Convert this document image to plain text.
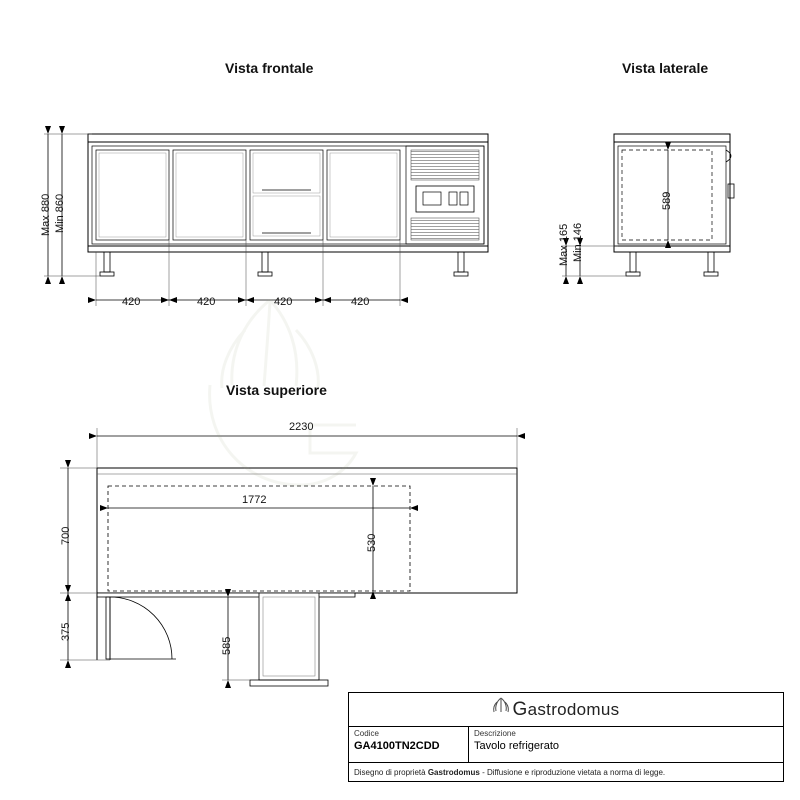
Vista frontale	Vista laterale
Vista superiore
Max 880 Min 860
420	420	420	420
589
Max 165 Min 146
2230
1772
530
700
375
585
Gastrodomus
Codice
GA4100TN2CDD
Descrizione
Tavolo refrigerato
Disegno di proprietà Gastrodomus - Diffusione e riproduzione vietata a norma di legge.
